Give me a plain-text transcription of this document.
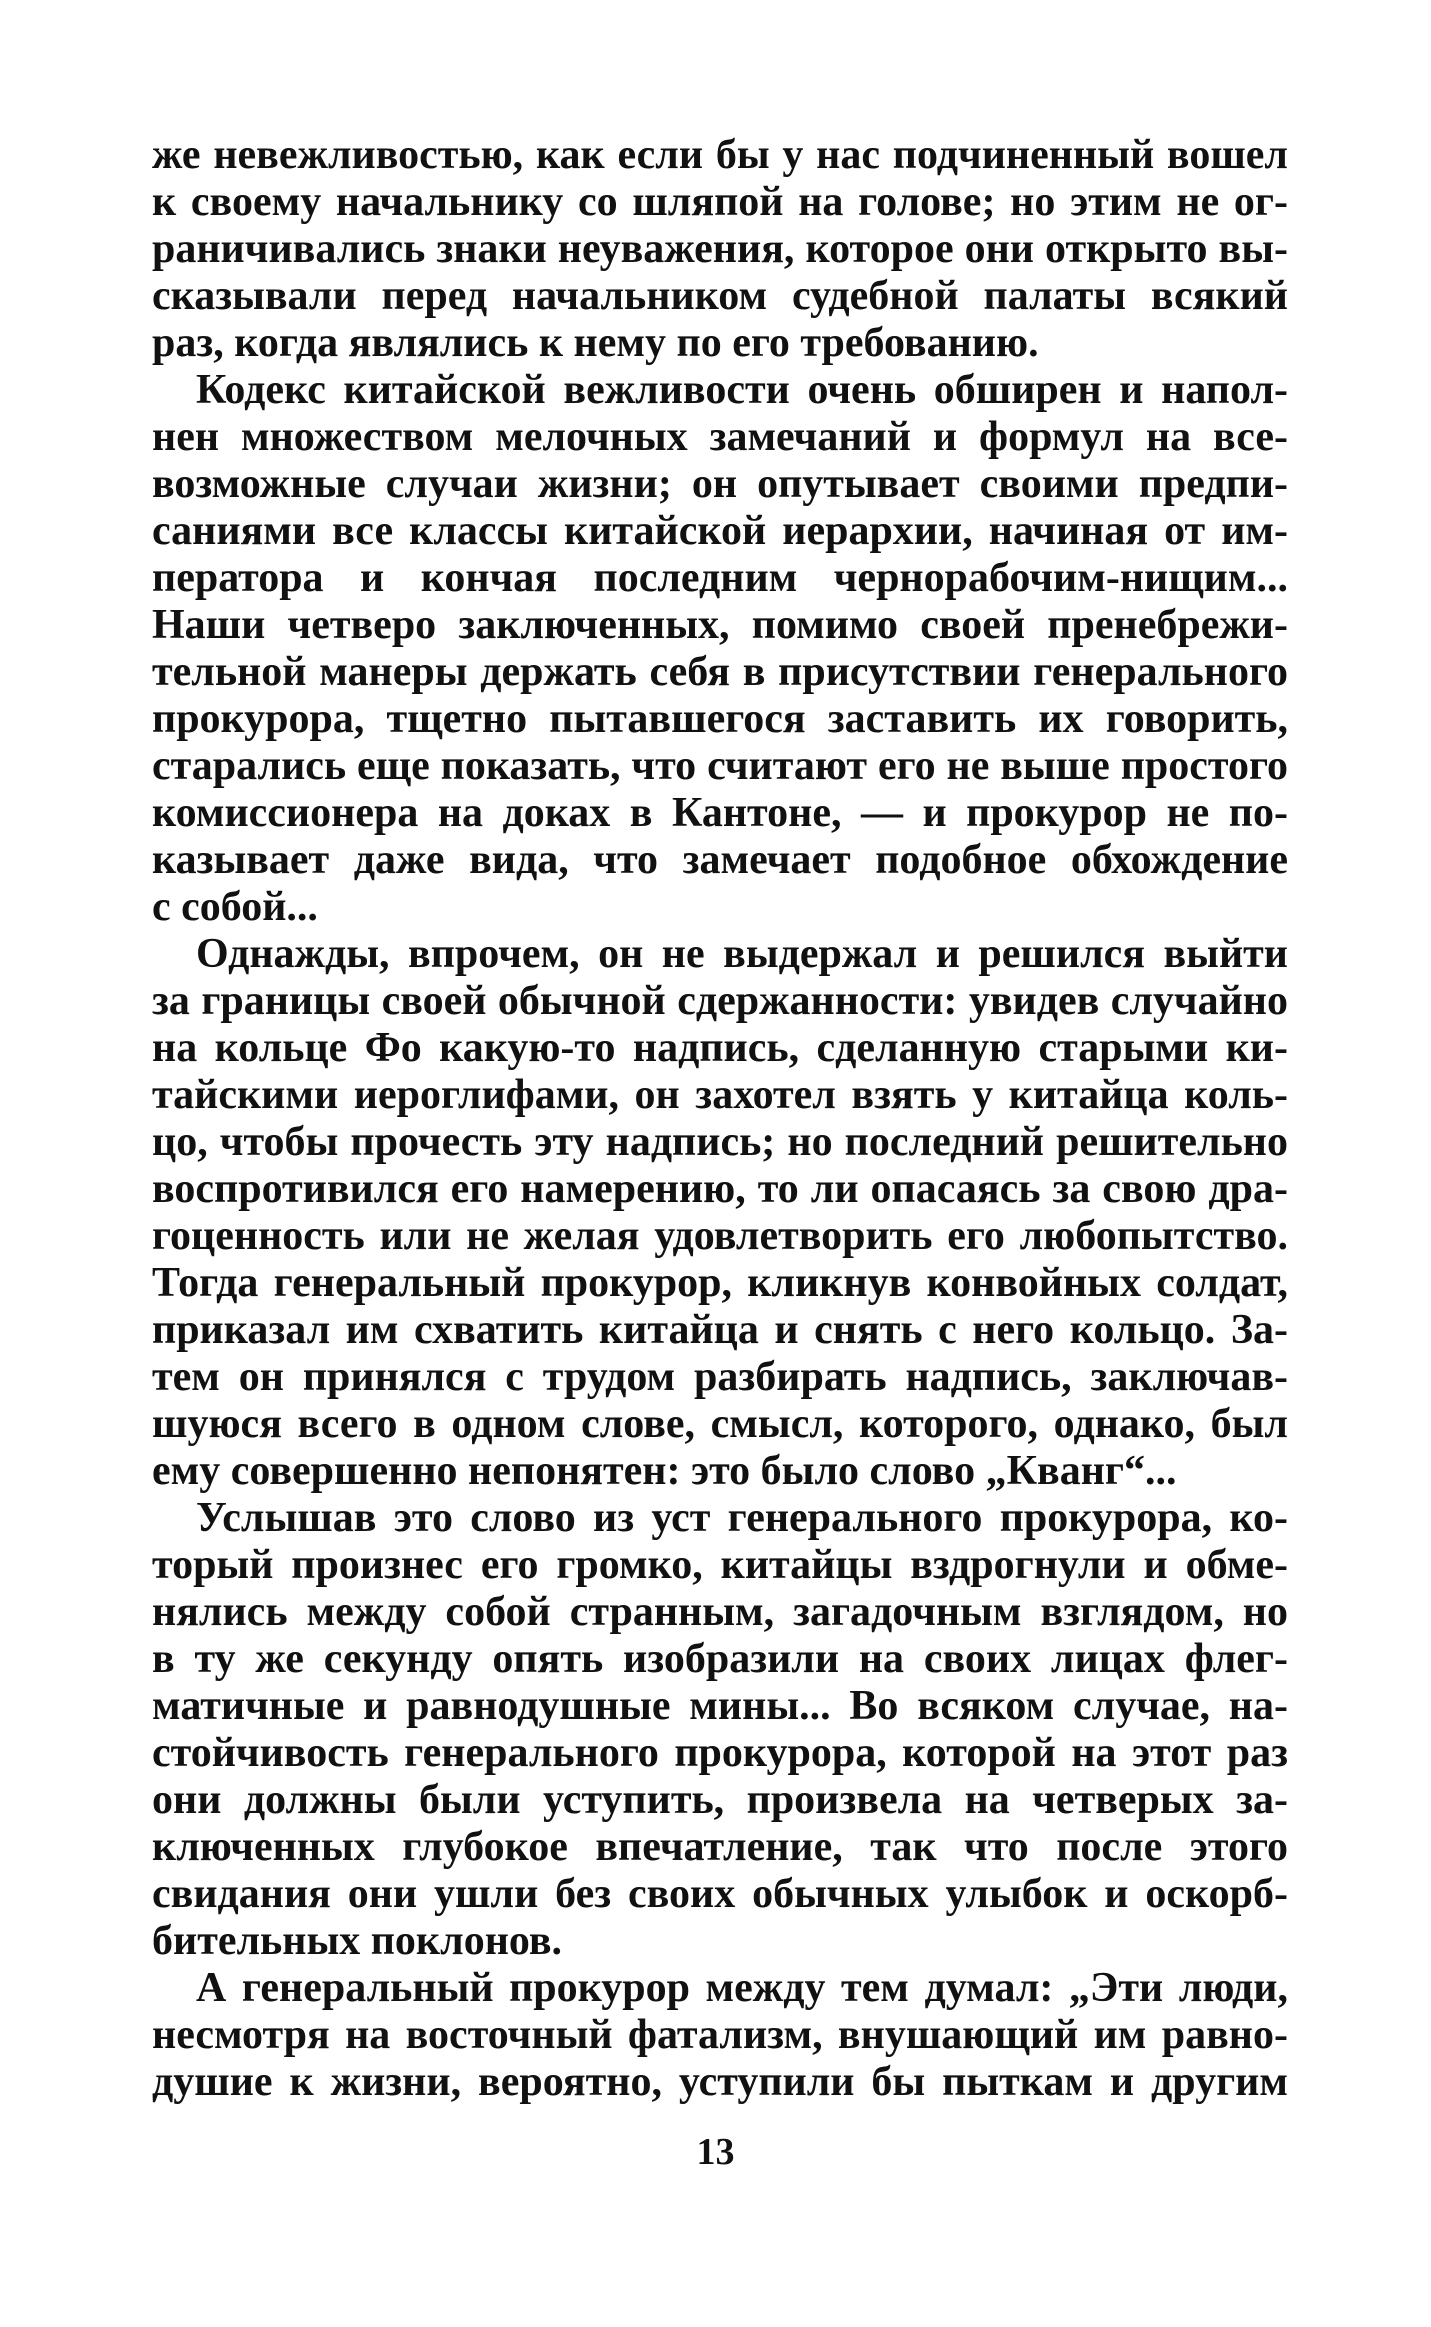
же невежливостью, как если бы у нас подчиненный вошел
к своему начальнику со шляпой на голове; но этим не ог-
раничивались знаки неуважения, которое они открыто вы-
сказывали перед начальником судебной палаты всякий
раз, когда являлись к нему по его требованию.
Кодекс китайской вежливости очень обширен и напол-
нен множеством мелочных замечаний и формул на все-
возможные случаи жизни; он опутывает своими предпи-
саниями все классы китайской иерархии, начиная от им-
ператора и кончая последним чернорабочим-нищим...
Наши четверо заключенных, помимо своей пренебрежи-
тельной манеры держать себя в присутствии генерального
прокурора, тщетно пытавшегося заставить их говорить,
старались еще показать, что считают его не выше простого
комиссионера на доках в Кантоне, — и прокурор не по-
казывает даже вида, что замечает подобное обхождение
с собой...
Однажды, впрочем, он не выдержал и решился выйти
за границы своей обычной сдержанности: увидев случайно
на кольце Фо какую-то надпись, сделанную старыми ки-
тайскими иероглифами, он захотел взять у китайца коль-
цо, чтобы прочесть эту надпись; но последний решительно
воспротивился его намерению, то ли опасаясь за свою дра-
гоценность или не желая удовлетворить его любопытство.
Тогда генеральный прокурор, кликнув конвойных солдат,
приказал им схватить китайца и снять с него кольцо. За-
тем он принялся с трудом разбирать надпись, заключав-
шуюся всего в одном слове, смысл, которого, однако, был
ему совершенно непонятен: это было слово „Кванг“...
Услышав это слово из уст генерального прокурора, ко-
торый произнес его громко, китайцы вздрогнули и обме-
нялись между собой странным, загадочным взглядом, но
в ту же секунду опять изобразили на своих лицах флег-
матичные и равнодушные мины... Во всяком случае, на-
стойчивость генерального прокурора, которой на этот раз
они должны были уступить, произвела на четверых за-
ключенных глубокое впечатление, так что после этого
свидания они ушли без своих обычных улыбок и оскорб-
бительных поклонов.
А генеральный прокурор между тем думал: „Эти люди,
несмотря на восточный фатализм, внушающий им равно-
душие к жизни, вероятно, уступили бы пыткам и другим
13
